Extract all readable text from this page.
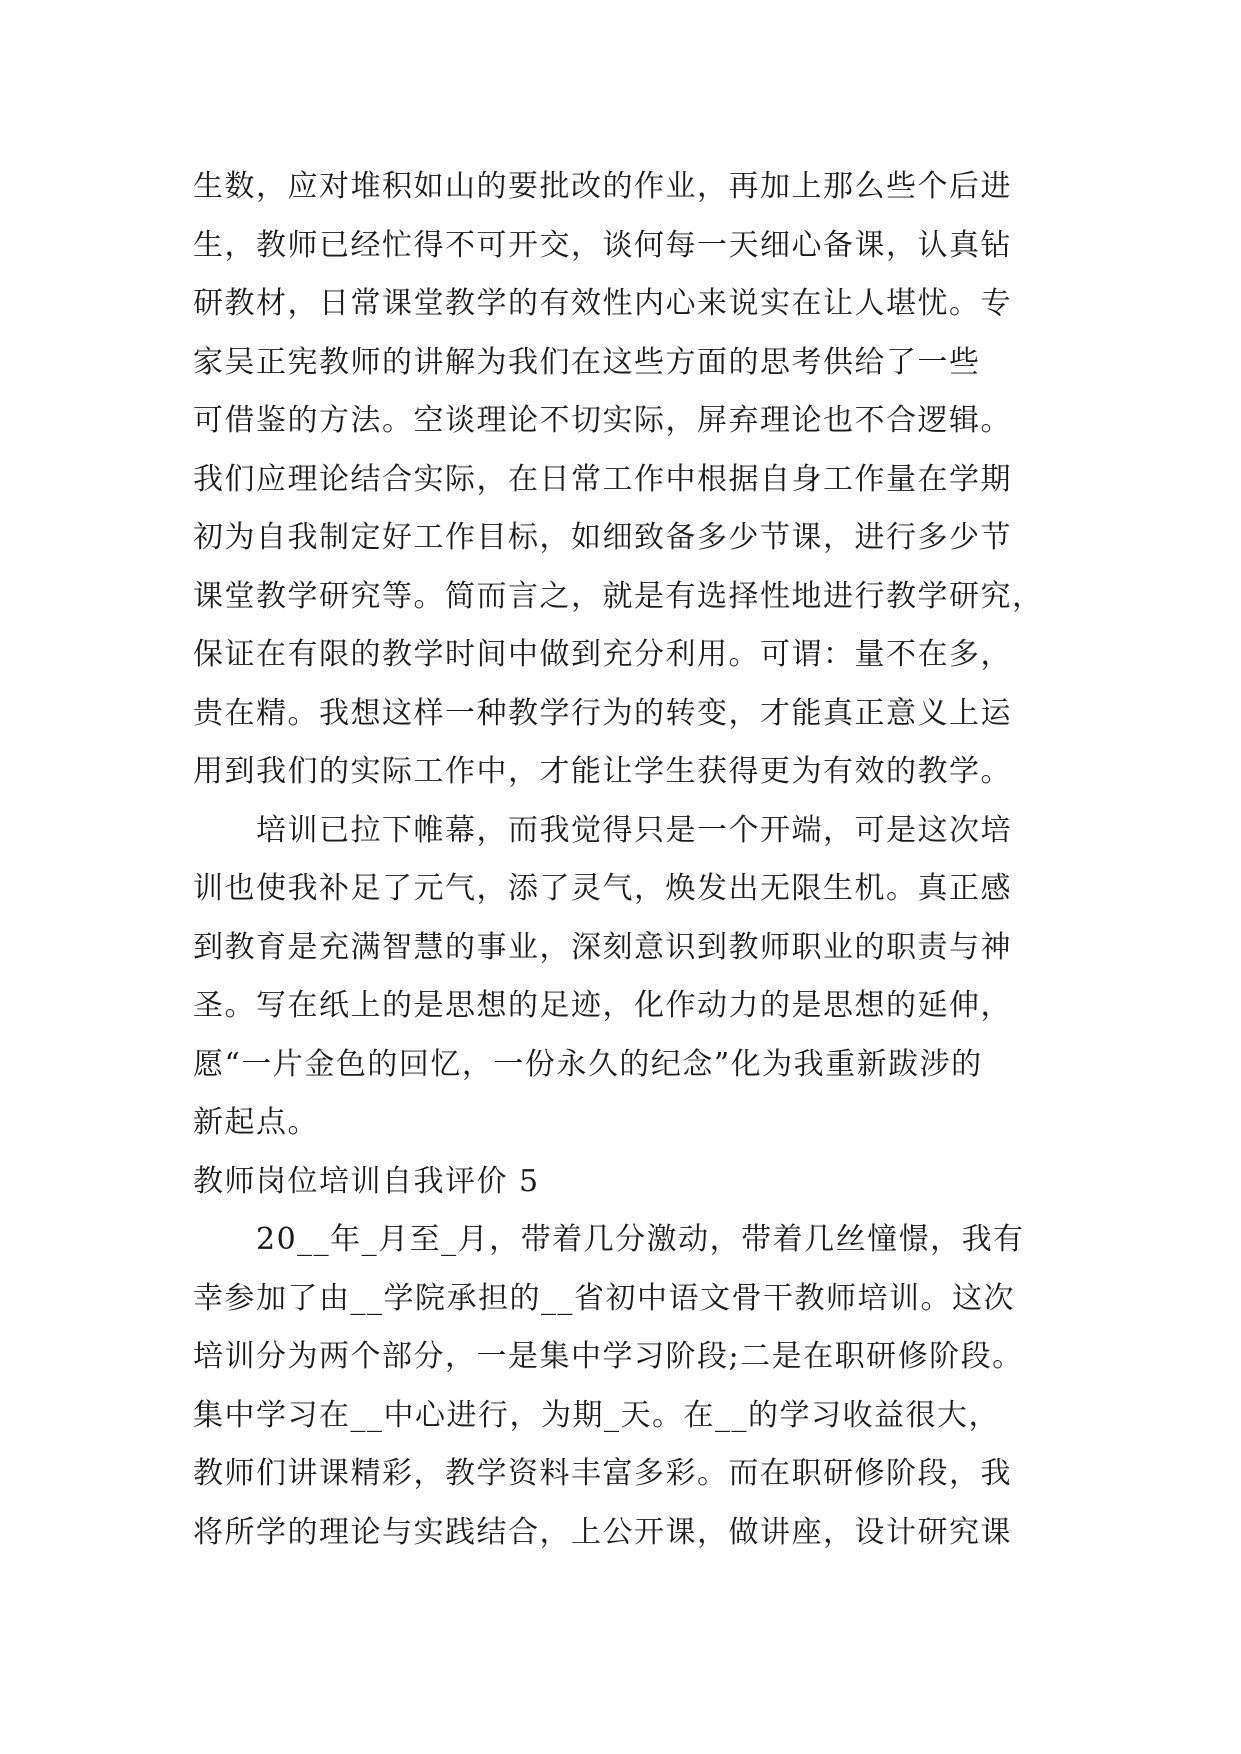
生数，应对堆积如山的要批改的作业，再加上那么些个后进
生，教师已经忙得不可开交，谈何每一天细心备课，认真钻
研教材，日常课堂教学的有效性内心来说实在让人堪忧。专
家吴正宪教师的讲解为我们在这些方面的思考供给了一些
可借鉴的方法。空谈理论不切实际，屏弃理论也不合逻辑。
我们应理论结合实际，在日常工作中根据自身工作量在学期
初为自我制定好工作目标，如细致备多少节课，进行多少节
课堂教学研究等。简而言之，就是有选择性地进行教学研究，
保证在有限的教学时间中做到充分利用。可谓：量不在多，
贵在精。我想这样一种教学行为的转变，才能真正意义上运
用到我们的实际工作中，才能让学生获得更为有效的教学。
　　培训已拉下帷幕，而我觉得只是一个开端，可是这次培
训也使我补足了元气，添了灵气，焕发出无限生机。真正感
到教育是充满智慧的事业，深刻意识到教师职业的职责与神
圣。写在纸上的是思想的足迹，化作动力的是思想的延伸，
愿“一片金色的回忆，一份永久的纪念”化为我重新跋涉的
新起点。
教师岗位培训自我评价 5
　　20__年_月至_月，带着几分激动，带着几丝憧憬，我有
幸参加了由__学院承担的__省初中语文骨干教师培训。这次
培训分为两个部分，一是集中学习阶段;二是在职研修阶段。
集中学习在__中心进行，为期_天。在__的学习收益很大，
教师们讲课精彩，教学资料丰富多彩。而在职研修阶段，我
将所学的理论与实践结合，上公开课，做讲座，设计研究课
